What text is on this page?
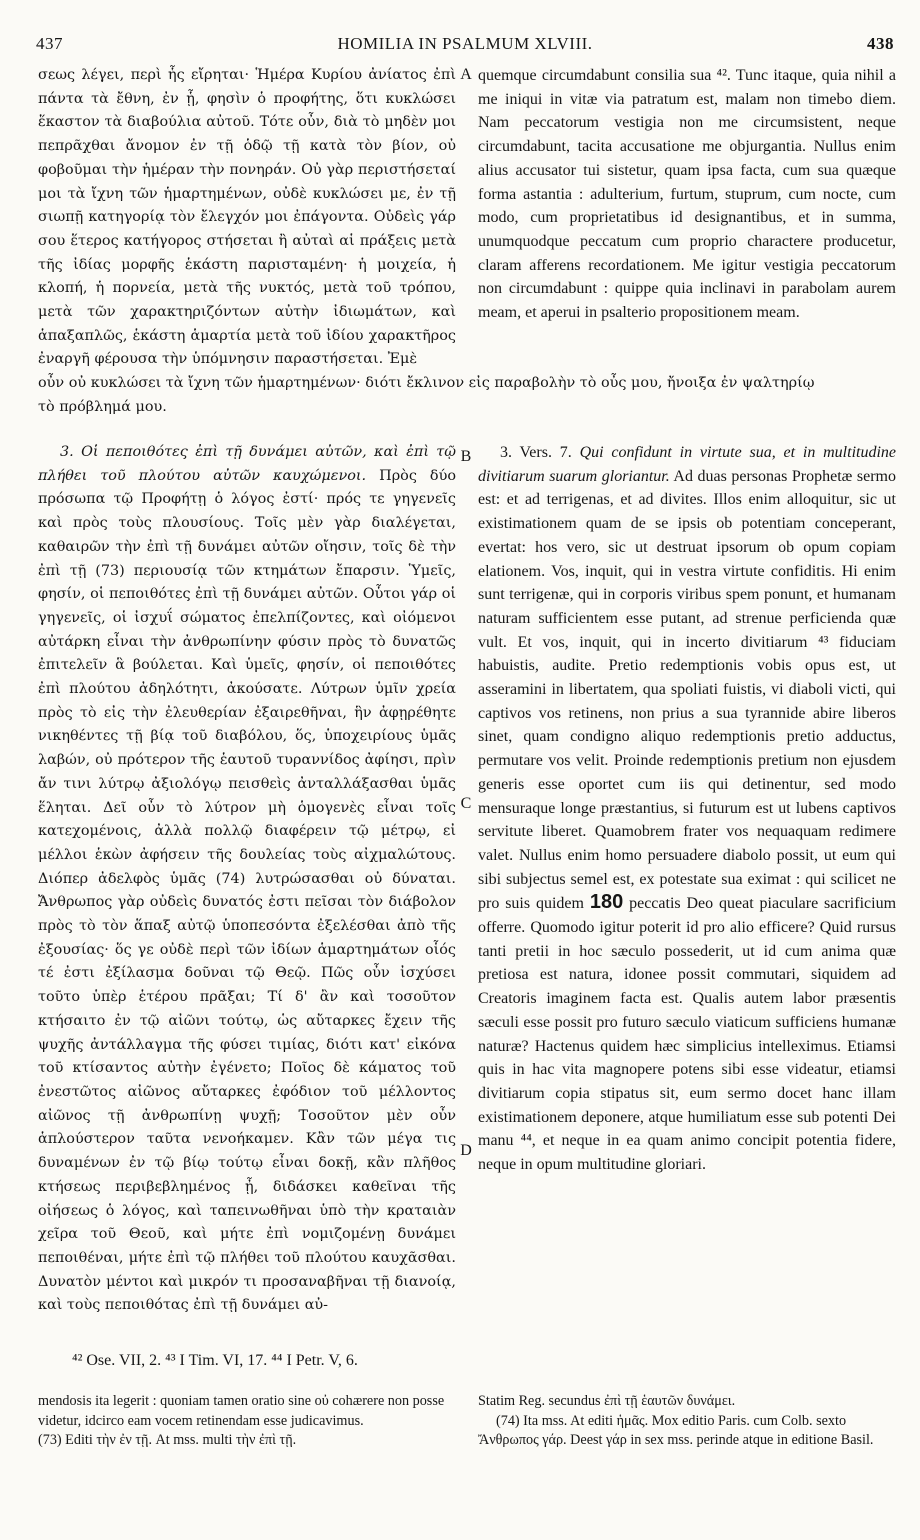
437	HOMILIA IN PSALMUM XLVIII.	438

σεως λέγει, περὶ ἧς εἴρηται· Ἡμέρα Κυρίου ἀνίατος ἐπὶ πάντα τὰ ἔθνη, ἐν ᾗ, φησὶν ὁ προφήτης, ὅτι κυκλώσει ἕκαστον τὰ διαβούλια αὐτοῦ. Τότε οὖν, διὰ τὸ μηδὲν μοι πεπρᾶχθαι ἄνομον ἐν τῇ ὁδῷ τῇ κατὰ τὸν βίον, οὐ φοβοῦμαι τὴν ἡμέραν τὴν πονηράν. Οὐ γὰρ περιστήσεταί μοι τὰ ἴχνη τῶν ἡμαρτημένων, οὐδὲ κυκλώσει με, ἐν τῇ σιωπῇ κατηγορίᾳ τὸν ἔλεγχόν μοι ἐπάγοντα. Οὐδεὶς γάρ σου ἕτερος κατήγορος στήσεται ἢ αὐταὶ αἱ πράξεις μετὰ τῆς ἰδίας μορφῆς ἑκάστη παρισταμένη· ἡ μοιχεία, ἡ κλοπή, ἡ πορνεία, μετὰ τῆς νυκτός, μετὰ τοῦ τρόπου, μετὰ τῶν χαρακτηριζόντων αὐτὴν ἰδιωμάτων, καὶ ἁπαξαπλῶς, ἑκάστη ἁμαρτία μετὰ τοῦ ἰδίου χαρακτῆρος ἐναργῆ φέρουσα τὴν ὑπόμνησιν παραστήσεται. Ἐμὲ

quemque circumdabunt consilia sua ⁴². Tunc itaque, quia nihil a me iniqui in vitæ via patratum est, malam non timebo diem. Nam peccatorum vestigia non me circumsistent, neque circumdabunt, tacita accusatione me objurgantia. Nullus enim alius accusator tui sistetur, quam ipsa facta, cum sua quæque forma astantia : adulterium, furtum, stuprum, cum nocte, cum modo, cum proprietatibus id designantibus, et in summa, unumquodque peccatum cum proprio charactere producetur, claram afferens recordationem. Me igitur vestigia peccatorum non circumdabunt : quippe quia inclinavi in parabolam aurem meam, et aperui in psalterio propositionem meam.

A
οὖν οὐ κυκλώσει τὰ ἴχνη τῶν ἡμαρτημένων· διότι ἔκλινον εἰς παραβολὴν τὸ οὖς μου, ἤνοιξα ἐν ψαλτηρίῳ
τὸ πρόβλημά μου.
B

3. Οἱ πεποιθότες ἐπὶ τῇ δυνάμει αὐτῶν, καὶ ἐπὶ τῷ πλήθει τοῦ πλούτου αὐτῶν καυχώμενοι. Πρὸς δύο πρόσωπα τῷ Προφήτῃ ὁ λόγος ἐστί· πρός τε γηγενεῖς καὶ πρὸς τοὺς πλουσίους. Τοῖς μὲν γὰρ διαλέγεται, καθαιρῶν τὴν ἐπὶ τῇ δυνάμει αὐτῶν οἴησιν, τοῖς δὲ τὴν ἐπὶ τῇ (73) περιουσίᾳ τῶν κτημάτων ἔπαρσιν. Ὑμεῖς, φησίν, οἱ πεποιθότες ἐπὶ τῇ δυνάμει αὐτῶν. Οὗτοι γάρ οἱ γηγενεῖς, οἱ ἰσχυΐ σώματος ἐπελπίζοντες, καὶ οἰόμενοι αὐτάρκη εἶναι τὴν ἀνθρωπίνην φύσιν πρὸς τὸ δυνατῶς ἐπιτελεῖν ἃ βούλεται. Καὶ ὑμεῖς, φησίν, οἱ πεποιθότες ἐπὶ πλούτου ἀδηλότητι, ἀκούσατε. Λύτρων ὑμῖν χρεία πρὸς τὸ εἰς τὴν ἐλευθερίαν ἐξαιρεθῆναι, ἣν ἀφῃρέθητε νικηθέντες τῇ βίᾳ τοῦ διαβόλου, ὅς, ὑποχειρίους ὑμᾶς λαβών, οὐ πρότερον τῆς ἑαυτοῦ τυραννίδος ἀφίησι, πρὶν ἄν τινι λύτρῳ ἀξιολόγῳ πεισθεὶς ἀνταλλάξασθαι ὑμᾶς ἕληται. Δεῖ οὖν τὸ λύτρον μὴ ὁμογενὲς εἶναι τοῖς κατεχομένοις, ἀλλὰ πολλῷ διαφέρειν τῷ μέτρῳ, εἰ μέλλοι ἑκὼν ἀφήσειν τῆς δουλείας τοὺς αἰχμαλώτους. Διόπερ ἀδελφὸς ὑμᾶς (74) λυτρώσασθαι οὐ δύναται. Ἄνθρωπος γὰρ οὐδεὶς δυνατός ἐστι πεῖσαι τὸν διάβολον πρὸς τὸ τὸν ἅπαξ αὐτῷ ὑποπεσόντα ἐξελέσθαι ἀπὸ τῆς ἐξουσίας· ὅς γε οὐδὲ περὶ τῶν ἰδίων ἁμαρτημάτων οἷός τέ ἐστι ἐξίλασμα δοῦναι τῷ Θεῷ. Πῶς οὖν ἰσχύσει τοῦτο ὑπὲρ ἑτέρου πρᾶξαι; Τί δ' ἂν καὶ τοσοῦτον κτήσαιτο ἐν τῷ αἰῶνι τούτῳ, ὡς αὔταρκες ἔχειν τῆς ψυχῆς ἀντάλλαγμα τῆς φύσει τιμίας, διότι κατ' εἰκόνα τοῦ κτίσαντος αὐτὴν ἐγένετο; Ποῖος δὲ κάματος τοῦ ἐνεστῶτος αἰῶνος αὔταρκες ἐφόδιον τοῦ μέλλοντος αἰῶνος τῇ ἀνθρωπίνῃ ψυχῇ; Τοσοῦτον μὲν οὖν ἁπλούστερον ταῦτα νενοήκαμεν. Κἂν τῶν μέγα τις δυναμένων ἐν τῷ βίῳ τούτῳ εἶναι δοκῇ, κἂν πλῆθος κτήσεως περιβεβλημένος ᾖ, διδάσκει καθεῖναι τῆς οἰήσεως ὁ λόγος, καὶ ταπεινωθῆναι ὑπὸ τὴν κραταιὰν χεῖρα τοῦ Θεοῦ, καὶ μήτε ἐπὶ νομιζομένῃ δυνάμει πεποιθέναι, μήτε ἐπὶ τῷ πλήθει τοῦ πλούτου καυχᾶσθαι. Δυνατὸν μέντοι καὶ μικρόν τι προσαναβῆναι τῇ διανοίᾳ, καὶ τοὺς πεποιθότας ἐπὶ τῇ δυνάμει αὐ-

3. Vers. 7. Qui confidunt in virtute sua, et in multitudine divitiarum suarum gloriantur. Ad duas personas Prophetæ sermo est: et ad terrigenas, et ad divites. Illos enim alloquitur, sic ut existimationem quam de se ipsis ob potentiam conceperant, evertat: hos vero, sic ut destruat ipsorum ob opum copiam elationem. Vos, inquit, qui in vestra virtute confiditis. Hi enim sunt terrigenæ, qui in corporis viribus spem ponunt, et humanam naturam sufficientem esse putant, ad strenue perficienda quæ vult. Et vos, inquit, qui in incerto divitiarum ⁴³ fiduciam habuistis, audite. Pretio redemptionis vobis opus est, ut asseramini in libertatem, qua spoliati fuistis, vi diaboli victi, qui captivos vos retinens, non prius a sua tyrannide abire liberos sinet, quam condigno aliquo redemptionis pretio adductus, permutare vos velit. Proinde redemptionis pretium non ejusdem generis esse oportet cum iis qui detinentur, sed modo mensuraque longe præstantius, si futurum est ut lubens captivos servitute liberet. Quamobrem frater vos nequaquam redimere valet. Nullus enim homo persuadere diabolo possit, ut eum qui sibi subjectus semel est, ex potestate sua eximat : qui scilicet ne pro suis quidem 180 peccatis Deo queat piaculare sacrificium offerre. Quomodo igitur poterit id pro alio efficere? Quid rursus tanti pretii in hoc sæculo possederit, ut id cum anima quæ pretiosa est natura, idonee possit commutari, siquidem ad Creatoris imaginem facta est. Qualis autem labor præsentis sæculi esse possit pro futuro sæculo viaticum sufficiens humanæ naturæ? Hactenus quidem hæc simplicius intelleximus. Etiamsi quis in hac vita magnopere potens sibi esse videatur, etiamsi divitiarum copia stipatus sit, eum sermo docet hanc illam existimationem deponere, atque humiliatum esse sub potenti Dei manu ⁴⁴, et neque in ea quam animo concipit potentia fidere, neque in opum multitudine gloriari.

C
D
⁴² Ose. VII, 2. ⁴³ I Tim. VI, 17. ⁴⁴ I Petr. V, 6.

mendosis ita legerit : quoniam tamen oratio sine οὐ cohærere non posse videtur, idcirco eam vocem retinendam esse judicavimus.

(73) Editi τὴν ἐν τῇ. At mss. multi τὴν ἐπὶ τῇ.

Statim Reg. secundus ἐπὶ τῇ ἑαυτῶν δυνάμει.

(74) Ita mss. At editi ἡμᾶς. Mox editio Paris. cum Colb. sexto Ἄνθρωπος γάρ. Deest γάρ in sex mss. perinde atque in editione Basil.
